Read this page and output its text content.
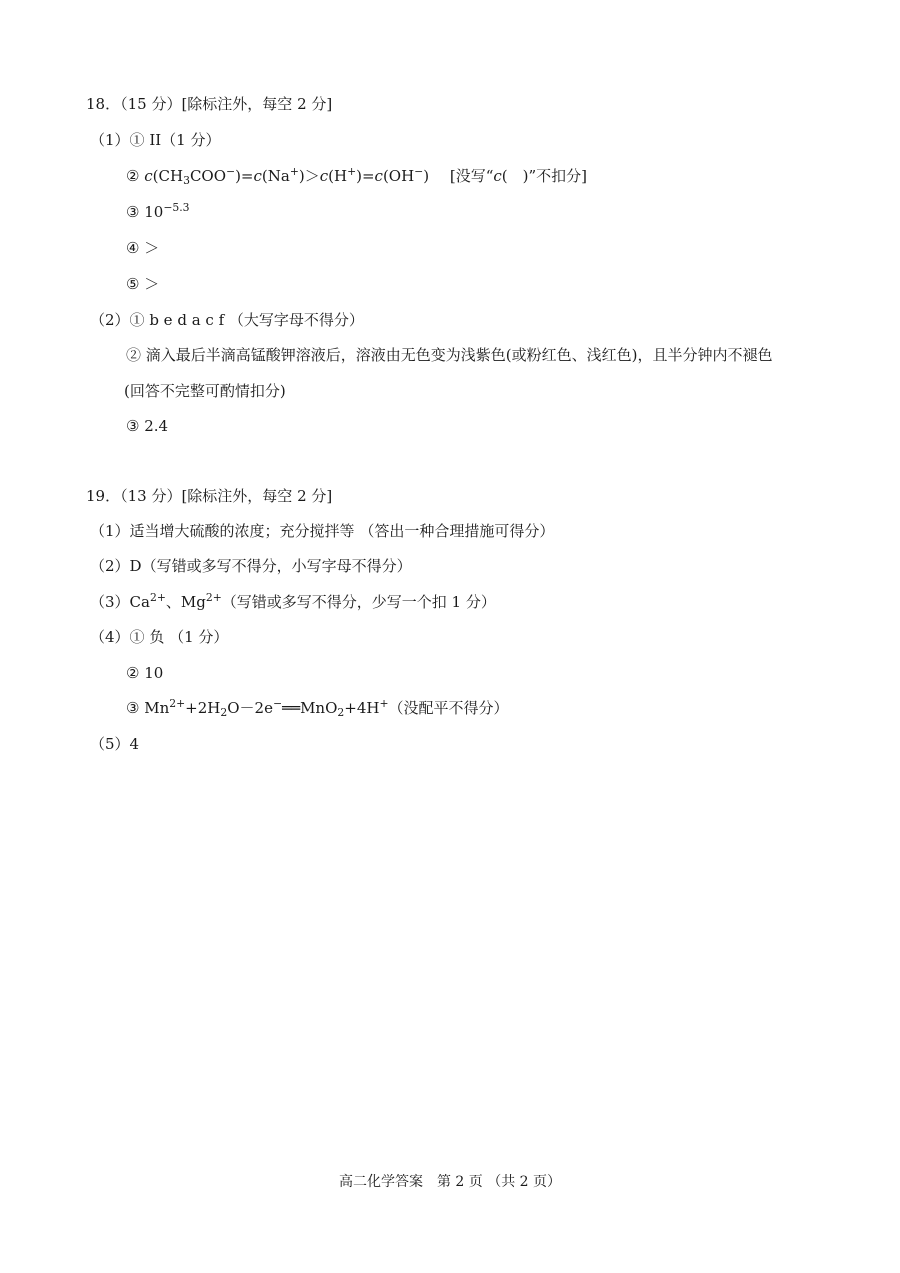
18．（15 分）[除标注外，每空 2 分]
（1）① II（1 分）
② $c(CH_3COO^-)=c(Na^+)>c(H^+)=c(OH^-)$ [没写“c(　)”不扣分]
③ $10^{-5.3}$
④ ＞
⑤ ＞
（2）① b e d a c f （大写字母不得分）
② 滴入最后半滴高锰酸钾溶液后，溶液由无色变为浅紫色(或粉红色、浅红色)，且半分钟内不褪色
(回答不完整可酌情扣分)
③ 2.4
19．（13 分）[除标注外，每空 2 分]
（1）适当增大硫酸的浓度；充分搅拌等 （答出一种合理措施可得分）
（2）D（写错或多写不得分，小写字母不得分）
$(3)Ca^{2+}$、$Mg^{2+}$（写错或多写不得分，少写一个扣 1 分）
（4）① 负 （1 分）
② 10
③ $Mn^{2+}+2H_2O-2e^-══MnO_2+4H^+$（没配平不得分）
（5）4
高二化学答案　第 2 页 （共 2 页）
